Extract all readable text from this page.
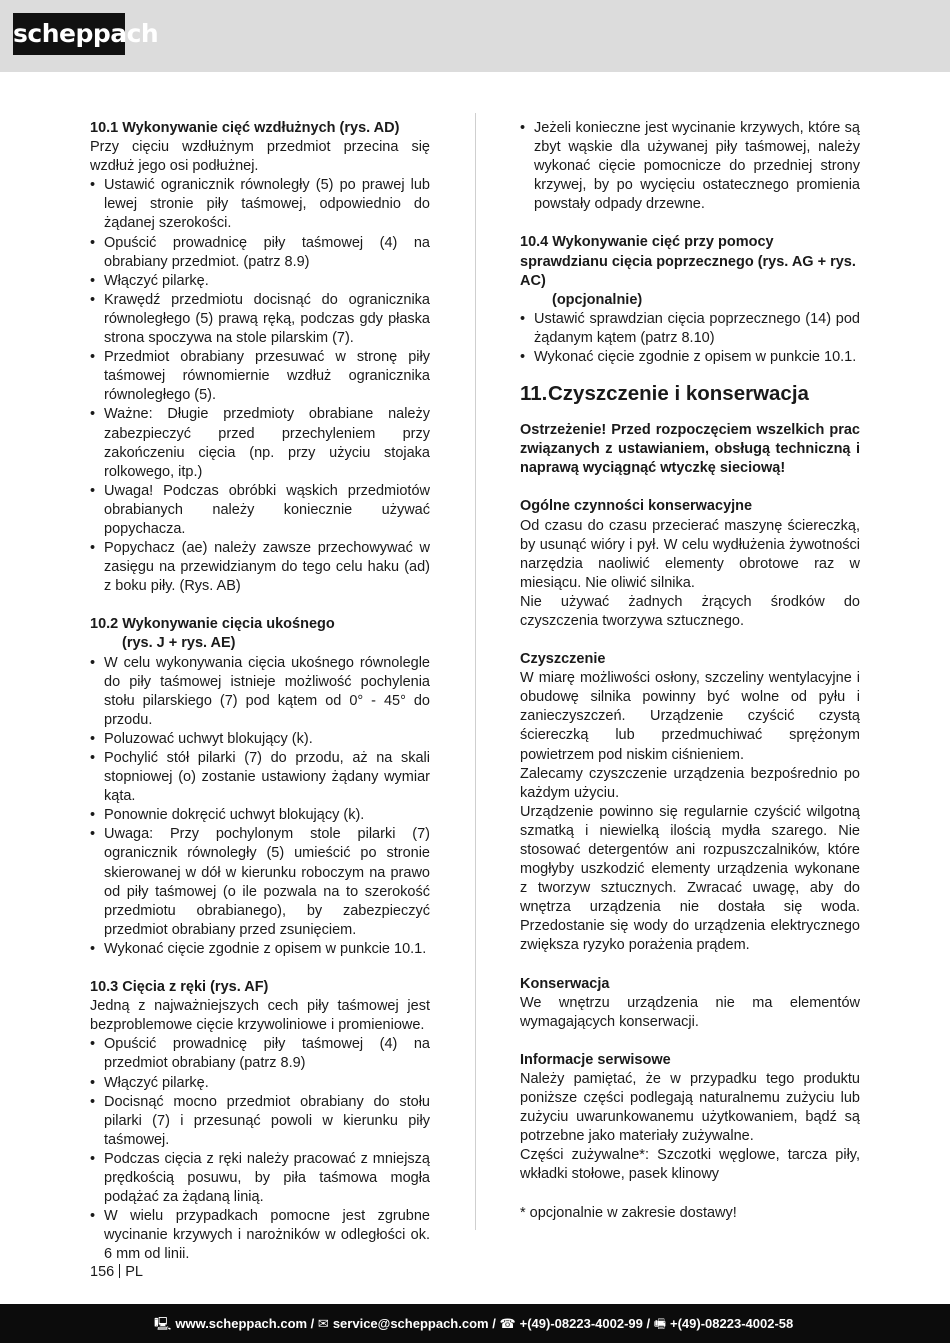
scheppach
10.1 Wykonywanie cięć wzdłużnych (rys. AD)

Przy cięciu wzdłużnym przedmiot przecina się wzdłuż jego osi podłużnej.

• Ustawić ogranicznik równoległy (5) po prawej lub lewej stronie piły taśmowej, odpowiednio do żądanej szerokości.
• Opuścić prowadnicę piły taśmowej (4) na obrabiany przedmiot. (patrz 8.9)
• Włączyć pilarkę.
• Krawędź przedmiotu docisnąć do ogranicznika równoległego (5) prawą ręką, podczas gdy płaska strona spoczywa na stole pilarskim (7).
• Przedmiot obrabiany przesuwać w stronę piły taśmowej równomiernie wzdłuż ogranicznika równoległego (5).
• Ważne: Długie przedmioty obrabiane należy zabezpieczyć przed przechyleniem przy zakończeniu cięcia (np. przy użyciu stojaka rolkowego, itp.)
• Uwaga! Podczas obróbki wąskich przedmiotów obrabianych należy koniecznie używać popychacza.
• Popychacz (ae) należy zawsze przechowywać w zasięgu na przewidzianym do tego celu haku (ad) z boku piły. (Rys. AB)
10.2 Wykonywanie cięcia ukośnego
(rys. J + rys. AE)
• W celu wykonywania cięcia ukośnego równolegle do piły taśmowej istnieje możliwość pochylenia stołu pilarskiego (7) pod kątem od 0° - 45° do przodu.
• Poluzować uchwyt blokujący (k).
• Pochylić stół pilarki (7) do przodu, aż na skali stopniowej (o) zostanie ustawiony żądany wymiar kąta.
• Ponownie dokręcić uchwyt blokujący (k).
• Uwaga: Przy pochylonym stole pilarki (7) ogranicznik równoległy (5) umieścić po stronie skierowanej w dół w kierunku roboczym na prawo od piły taśmowej (o ile pozwala na to szerokość przedmiotu obrabianego), by zabezpieczyć przedmiot obrabiany przed zsunięciem.
• Wykonać cięcie zgodnie z opisem w punkcie 10.1.
10.3 Cięcia z ręki (rys. AF)

Jedną z najważniejszych cech piły taśmowej jest bezproblemowe cięcie krzywoliniowe i promieniowe.

• Opuścić prowadnicę piły taśmowej (4) na przedmiot obrabiany (patrz 8.9)
• Włączyć pilarkę.
• Docisnąć mocno przedmiot obrabiany do stołu pilarki (7) i przesunąć powoli w kierunku piły taśmowej.
• Podczas cięcia z ręki należy pracować z mniejszą prędkością posuwu, by piła taśmowa mogła podążać za żądaną linią.
• W wielu przypadkach pomocne jest zgrubne wycinanie krzywych i narożników w odległości ok. 6 mm od linii.
• Jeżeli konieczne jest wycinanie krzywych, które są zbyt wąskie dla używanej piły taśmowej, należy wykonać cięcie pomocnicze do przedniej strony krzywej, by po wycięciu ostatecznego promienia powstały odpady drzewne.
10.4 Wykonywanie cięć przy pomocy sprawdzianu cięcia poprzecznego (rys. AG + rys. AC)
(opcjonalnie)
• Ustawić sprawdzian cięcia poprzecznego (14) pod żądanym kątem (patrz 8.10)
• Wykonać cięcie zgodnie z opisem w punkcie 10.1.
11.Czyszczenie i konserwacja

Ostrzeżenie! Przed rozpoczęciem wszelkich prac związanych z ustawianiem, obsługą techniczną i naprawą wyciągnąć wtyczkę sieciową!

Ogólne czynności konserwacyjne

Od czasu do czasu przecierać maszynę ściereczką, by usunąć wióry i pył. W celu wydłużenia żywotności narzędzia naoliwić elementy obrotowe raz w miesiącu. Nie oliwić silnika.

Nie używać żadnych żrących środków do czyszczenia tworzywa sztucznego.

Czyszczenie

W miarę możliwości osłony, szczeliny wentylacyjne i obudowę silnika powinny być wolne od pyłu i zanieczyszczeń. Urządzenie czyścić czystą ściereczką lub przedmuchiwać sprężonym powietrzem pod niskim ciśnieniem.

Zalecamy czyszczenie urządzenia bezpośrednio po każdym użyciu.

Urządzenie powinno się regularnie czyścić wilgotną szmatką i niewielką ilością mydła szarego. Nie stosować detergentów ani rozpuszczalników, które mogłyby uszkodzić elementy urządzenia wykonane z tworzyw sztucznych. Zwracać uwagę, aby do wnętrza urządzenia nie dostała się woda. Przedostanie się wody do urządzenia elektrycznego zwiększa ryzyko porażenia prądem.

Konserwacja

We wnętrzu urządzenia nie ma elementów wymagających konserwacji.

Informacje serwisowe

Należy pamiętać, że w przypadku tego produktu poniższe części podlegają naturalnemu zużyciu lub zużyciu uwarunkowanemu użytkowaniem, bądź są potrzebne jako materiały zużywalne.

Części zużywalne*: Szczotki węglowe, tarcza piły, wkładki stołowe, pasek klinowy

* opcjonalnie w zakresie dostawy!

156 PL
🖳 www.scheppach.com / ✉ service@scheppach.com / ☎ +(49)-08223-4002-99 / 🖷 +(49)-08223-4002-58
